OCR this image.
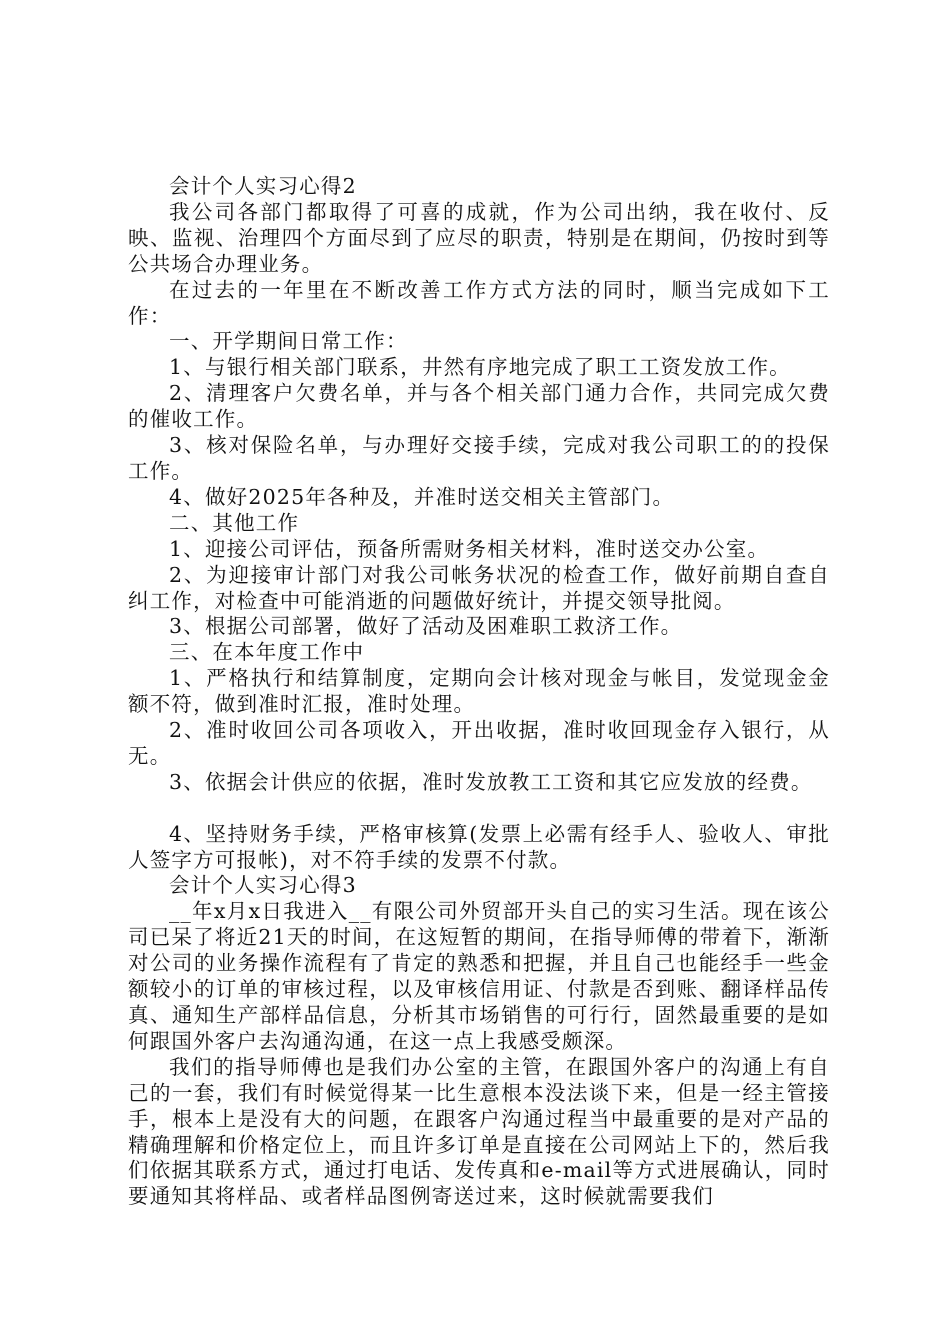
会计个人实习心得2

我公司各部门都取得了可喜的成就，作为公司出纳，我在收付、反映、监视、治理四个方面尽到了应尽的职责，特别是在期间，仍按时到等公共场合办理业务。

在过去的一年里在不断改善工作方式方法的同时，顺当完成如下工作：

一、开学期间日常工作：

1、与银行相关部门联系，井然有序地完成了职工工资发放工作。

2、清理客户欠费名单，并与各个相关部门通力合作，共同完成欠费的催收工作。

3、核对保险名单，与办理好交接手续，完成对我公司职工的的投保工作。

4、做好2025年各种及，并准时送交相关主管部门。

二、其他工作

1、迎接公司评估，预备所需财务相关材料，准时送交办公室。

2、为迎接审计部门对我公司帐务状况的检查工作，做好前期自查自纠工作，对检查中可能消逝的问题做好统计，并提交领导批阅。

3、根据公司部署，做好了活动及困难职工救济工作。

三、在本年度工作中

1、严格执行和结算制度，定期向会计核对现金与帐目，发觉现金金额不符，做到准时汇报，准时处理。

2、准时收回公司各项收入，开出收据，准时收回现金存入银行，从无。

3、依据会计供应的依据，准时发放教工工资和其它应发放的经费。

4、坚持财务手续，严格审核算(发票上必需有经手人、验收人、审批人签字方可报帐)，对不符手续的发票不付款。

会计个人实习心得3

__年x月x日我进入__有限公司外贸部开头自己的实习生活。现在该公司已呆了将近21天的时间，在这短暂的期间，在指导师傅的带着下，渐渐对公司的业务操作流程有了肯定的熟悉和把握，并且自己也能经手一些金额较小的订单的审核过程，以及审核信用证、付款是否到账、翻译样品传真、通知生产部样品信息，分析其市场销售的可行行，固然最重要的是如何跟国外客户去沟通沟通，在这一点上我感受颇深。

我们的指导师傅也是我们办公室的主管，在跟国外客户的沟通上有自己的一套，我们有时候觉得某一比生意根本没法谈下来，但是一经主管接手，根本上是没有大的问题，在跟客户沟通过程当中最重要的是对产品的精确理解和价格定位上，而且许多订单是直接在公司网站上下的，然后我们依据其联系方式，通过打电话、发传真和e-mail等方式进展确认，同时要通知其将样品、或者样品图例寄送过来，这时候就需要我们
